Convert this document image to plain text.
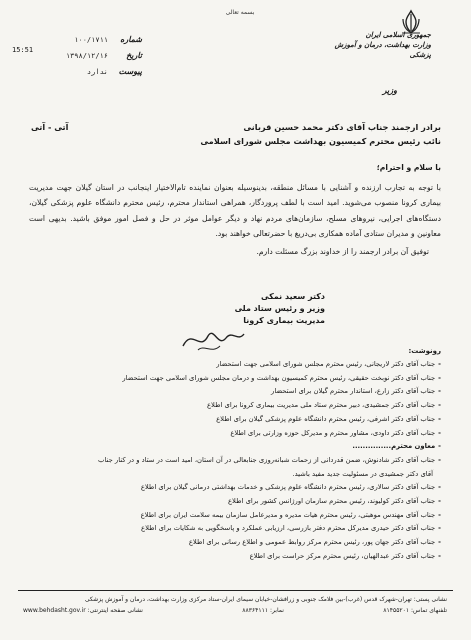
بسمه تعالی
جمهوری اسلامی ایران
وزارت بهداشت، درمان و آموزش پزشکی
وزیر
شماره
۱۰۰/۱۷۱۱
تاریخ
۱۳۹۸/۱۲/۱۶
پیوست
ندارد
15:51
برادر ارجمند جناب آقای دکتر محمد حسین قربانی
نائب رئیس محترم کمیسیون بهداشت مجلس شورای اسلامی
آتی - آتی

با سلام و احترام؛

با توجه به تجارب ارزنده و آشنایی با مسائل منطقه، بدینوسیله بعنوان نماینده تام‌الاختیار اینجانب در استان گیلان جهت مدیریت بیماری کرونا منصوب می‌شوید. امید است با لطف پروردگار، همراهی استاندار محترم، رئیس محترم دانشگاه علوم پزشکی گیلان، دستگاه‌های اجرایی، نیروهای مسلح، سازمان‌های مردم نهاد و دیگر عوامل موثر در حل و فصل امور موفق باشید. بدیهی است معاونین و مدیران ستادی آماده همکاری بی‌دریغ با حضرتعالی خواهند بود.

توفیق آن برادر ارجمند را از خداوند بزرگ مسئلت دارم.

دکتر سعید نمکی
وزیر و رئیس ستاد ملی
مدیریت بیماری کرونا
رونوشت:
-جناب آقای دکتر لاریجانی، رئیس محترم مجلس شورای اسلامی جهت استحضار
-جناب آقای دکتر نوبخت حقیقی، رئیس محترم کمیسیون بهداشت و درمان مجلس شورای اسلامی جهت استحضار
-جناب آقای دکتر زارع، استاندار محترم گیلان برای استحضار
-جناب آقای دکتر جمشیدی، دبیر محترم ستاد ملی مدیریت بیماری کرونا برای اطلاع
-جناب آقای دکتر اشرفی، رئیس محترم دانشگاه علوم پزشکی گیلان برای اطلاع
-جناب آقای دکتر داودی، مشاور محترم و مدیرکل حوزه وزارتی برای اطلاع
-معاون محترم...............
-جناب آقای دکتر شادنوش، ضمن قدردانی از زحمات شبانه‌روزی جنابعالی در آن استان، امید است در ستاد و در کنار جناب
آقای دکتر جمشیدی در مسئولیت جدید مفید باشید.
-جناب آقای دکتر سالاری، رئیس محترم دانشگاه علوم پزشکی و خدمات بهداشتی درمانی گیلان برای اطلاع
-جناب آقای دکتر کولیوند، رئیس محترم سازمان اورژانس کشور برای اطلاع
-جناب آقای مهندس موهبتی، رئیس محترم هیات مدیره و مدیرعامل سازمان بیمه سلامت ایران برای اطلاع
-جناب آقای دکتر حیدری مدیرکل محترم دفتر بازرسی، ارزیابی عملکرد و پاسخگویی به شکایات برای اطلاع
-جناب آقای دکتر جهان پور، رئیس محترم مرکز روابط عمومی و اطلاع رسانی برای اطلاع
-جناب آقای دکتر عبدالهیان، رئیس محترم مرکز حراست برای اطلاع
نشانی پستی: تهران-شهرک قدس (غرب)-بین فلامک جنوبی و زرافشان-خیابان سیمای ایران-ستاد مرکزی وزارت بهداشت، درمان و آموزش پزشکی
تلفنهای تماس: ۸۱۴۵۵۲۰۱
نمابر: ۸۸۳۶۴۱۱۱
نشانی صفحه اینترنتی: www.behdasht.gov.ir
